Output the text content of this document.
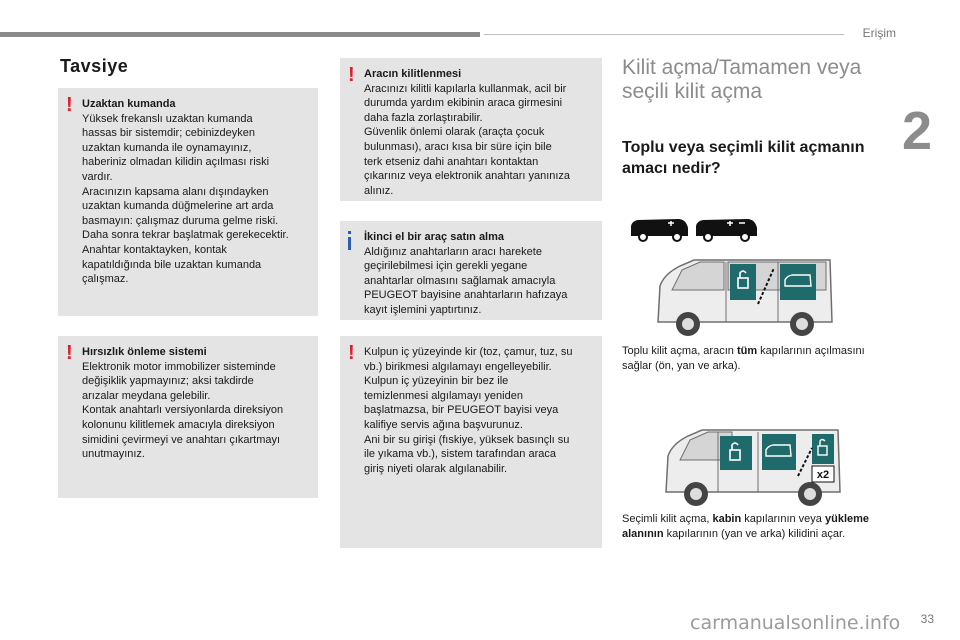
Erişim
2
Tavsiye
! Uzaktan kumanda
Yüksek frekanslı uzaktan kumanda
hassas bir sistemdir; cebinizdeyken
uzaktan kumanda ile oynamayınız,
haberiniz olmadan kilidin açılması riski
vardır.
Aracınızın kapsama alanı dışındayken
uzaktan kumanda düğmelerine art arda
basmayın: çalışmaz duruma gelme riski.
Daha sonra tekrar başlatmak gerekecektir.
Anahtar kontaktayken, kontak
kapatıldığında bile uzaktan kumanda
çalışmaz.
! Hırsızlık önleme sistemi
Elektronik motor immobilizer sisteminde
değişiklik yapmayınız; aksi takdirde
arızalar meydana gelebilir.
Kontak anahtarlı versiyonlarda direksiyon
kolonunu kilitlemek amacıyla direksiyon
simidini çevirmeyi ve anahtarı çıkartmayı
unutmayınız.
! Aracın kilitlenmesi
Aracınızı kilitli kapılarla kullanmak, acil bir
durumda yardım ekibinin araca girmesini
daha fazla zorlaştırabilir.
Güvenlik önlemi olarak (araçta çocuk
bulunması), aracı kısa bir süre için bile
terk etseniz dahi anahtarı kontaktan
çıkarınız veya elektronik anahtarı yanınıza
alınız.
İkinci el bir araç satın alma
Aldığınız anahtarların aracı harekete
geçirilebilmesi için gerekli yegane
anahtarlar olmasını sağlamak amacıyla
PEUGEOT bayisine anahtarların hafızaya
kayıt işlemini yaptırtınız.
! Kulpun iç yüzeyinde kir (toz, çamur, tuz, su
vb.) birikmesi algılamayı engelleyebilir.
Kulpun iç yüzeyinin bir bez ile
temizlenmesi algılamayı yeniden
başlatmazsa, bir PEUGEOT bayisi veya
kalifiye servis ağına başvurunuz.
Ani bir su girişi (fıskiye, yüksek basınçlı su
ile yıkama vb.), sistem tarafından araca
giriş niyeti olarak algılanabilir.
Kilit açma/Tamamen veya seçili kilit açma
Toplu veya seçimli kilit açmanın amacı nedir?
Toplu kilit açma, aracın tüm kapılarının açılmasını sağlar (ön, yan ve arka).
x2
Seçimli kilit açma, kabin kapılarının veya yükleme alanının kapılarının (yan ve arka) kilidini açar.
carmanualsonline.info 33
